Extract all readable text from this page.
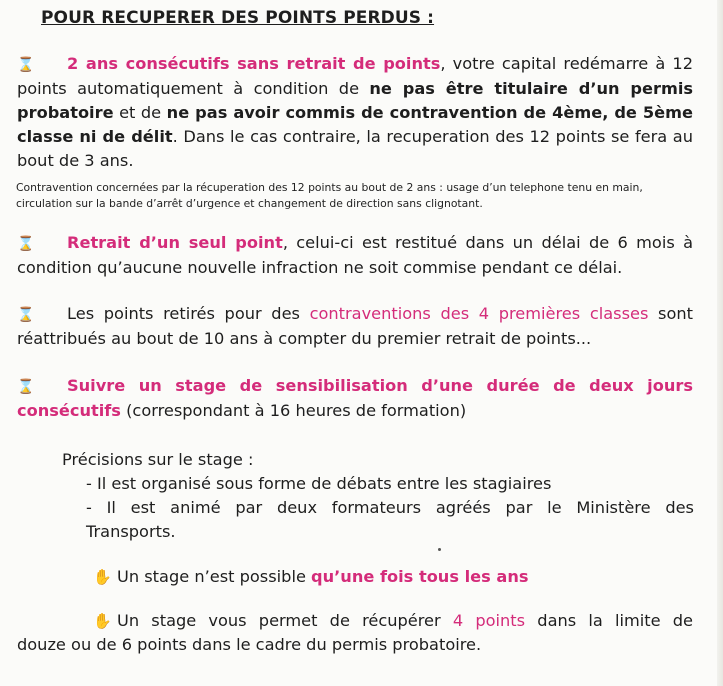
POUR RECUPERER DES POINTS PERDUS :
⌛ 2 ans consécutifs sans retrait de points, votre capital redémarre à 12
points automatiquement à condition de ne pas être titulaire d’un permis
probatoire et de ne pas avoir commis de contravention de 4ème, de 5ème
classe ni de délit. Dans le cas contraire, la recuperation des 12 points se fera au
bout de 3 ans.
Contravention concernées par la récuperation des 12 points au bout de 2 ans : usage d’un telephone tenu en main,
circulation sur la bande d’arrêt d’urgence et changement de direction sans clignotant.
⌛ Retrait d’un seul point, celui-ci est restitué dans un délai de 6 mois à
condition qu’aucune nouvelle infraction ne soit commise pendant ce délai.
⌛ Les points retirés pour des contraventions des 4 premières classes sont
réattribués au bout de 10 ans à compter du premier retrait de points...
⌛ Suivre un stage de sensibilisation d’une durée de deux jours
consécutifs (correspondant à 16 heures de formation)
Précisions sur le stage :
- Il est organisé sous forme de débats entre les stagiaires
- Il est animé par deux formateurs agréés par le Ministère des
Transports.
✋ Un stage n’est possible qu’une fois tous les ans
✋ Un stage vous permet de récupérer 4 points dans la limite de
douze ou de 6 points dans le cadre du permis probatoire.
